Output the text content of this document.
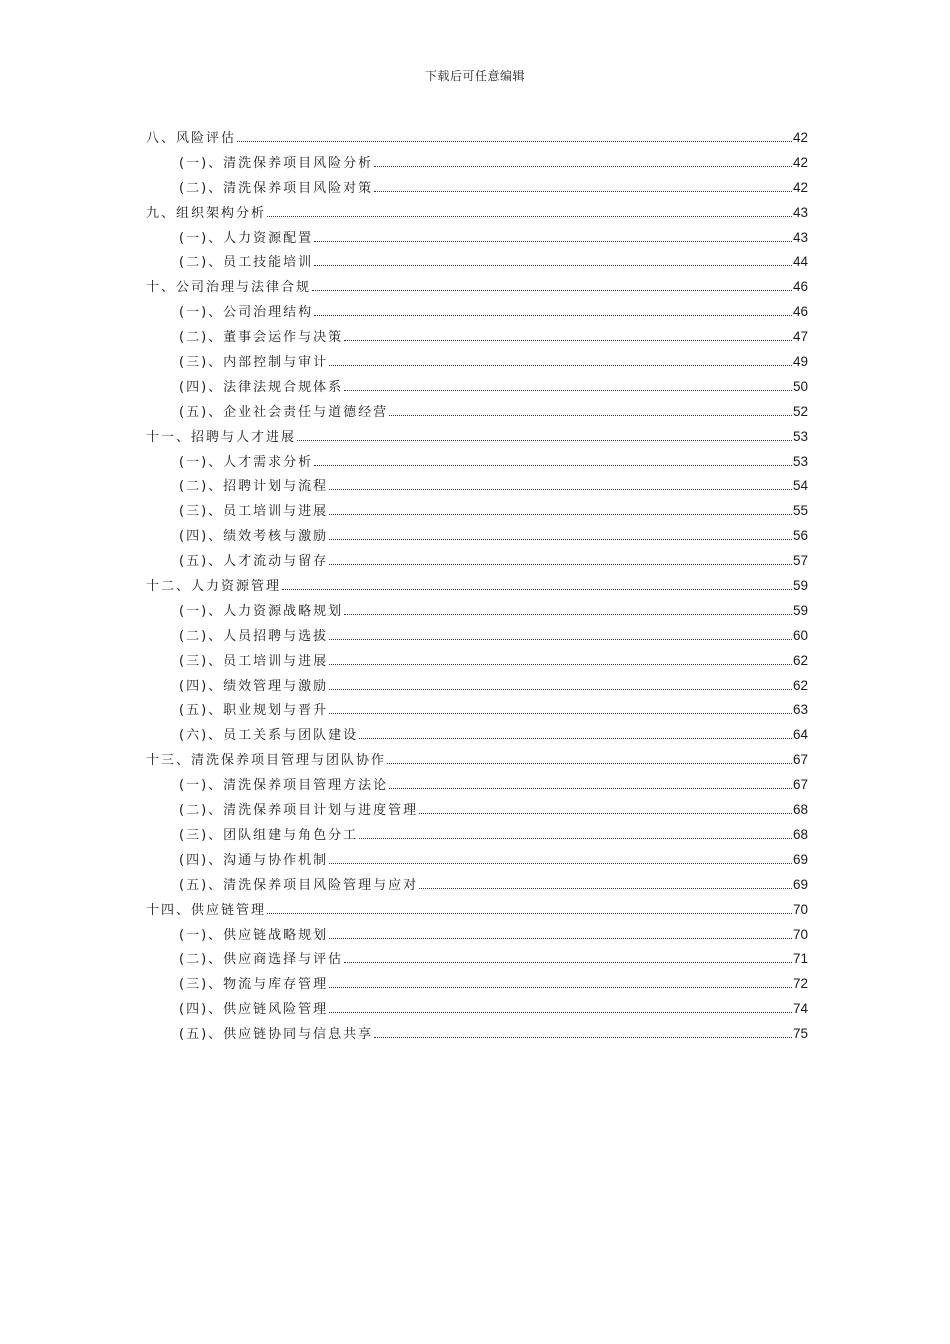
下载后可任意编辑
八、风险评估	42
(一)、清洗保养项目风险分析	42
(二)、清洗保养项目风险对策	42
九、组织架构分析	43
(一)、人力资源配置	43
(二)、员工技能培训	44
十、公司治理与法律合规	46
(一)、公司治理结构	46
(二)、董事会运作与决策	47
(三)、内部控制与审计	49
(四)、法律法规合规体系	50
(五)、企业社会责任与道德经营	52
十一、招聘与人才进展	53
(一)、人才需求分析	53
(二)、招聘计划与流程	54
(三)、员工培训与进展	55
(四)、绩效考核与激励	56
(五)、人才流动与留存	57
十二、人力资源管理	59
(一)、人力资源战略规划	59
(二)、人员招聘与选拔	60
(三)、员工培训与进展	62
(四)、绩效管理与激励	62
(五)、职业规划与晋升	63
(六)、员工关系与团队建设	64
十三、清洗保养项目管理与团队协作	67
(一)、清洗保养项目管理方法论	67
(二)、清洗保养项目计划与进度管理	68
(三)、团队组建与角色分工	68
(四)、沟通与协作机制	69
(五)、清洗保养项目风险管理与应对	69
十四、供应链管理	70
(一)、供应链战略规划	70
(二)、供应商选择与评估	71
(三)、物流与库存管理	72
(四)、供应链风险管理	74
(五)、供应链协同与信息共享	75
